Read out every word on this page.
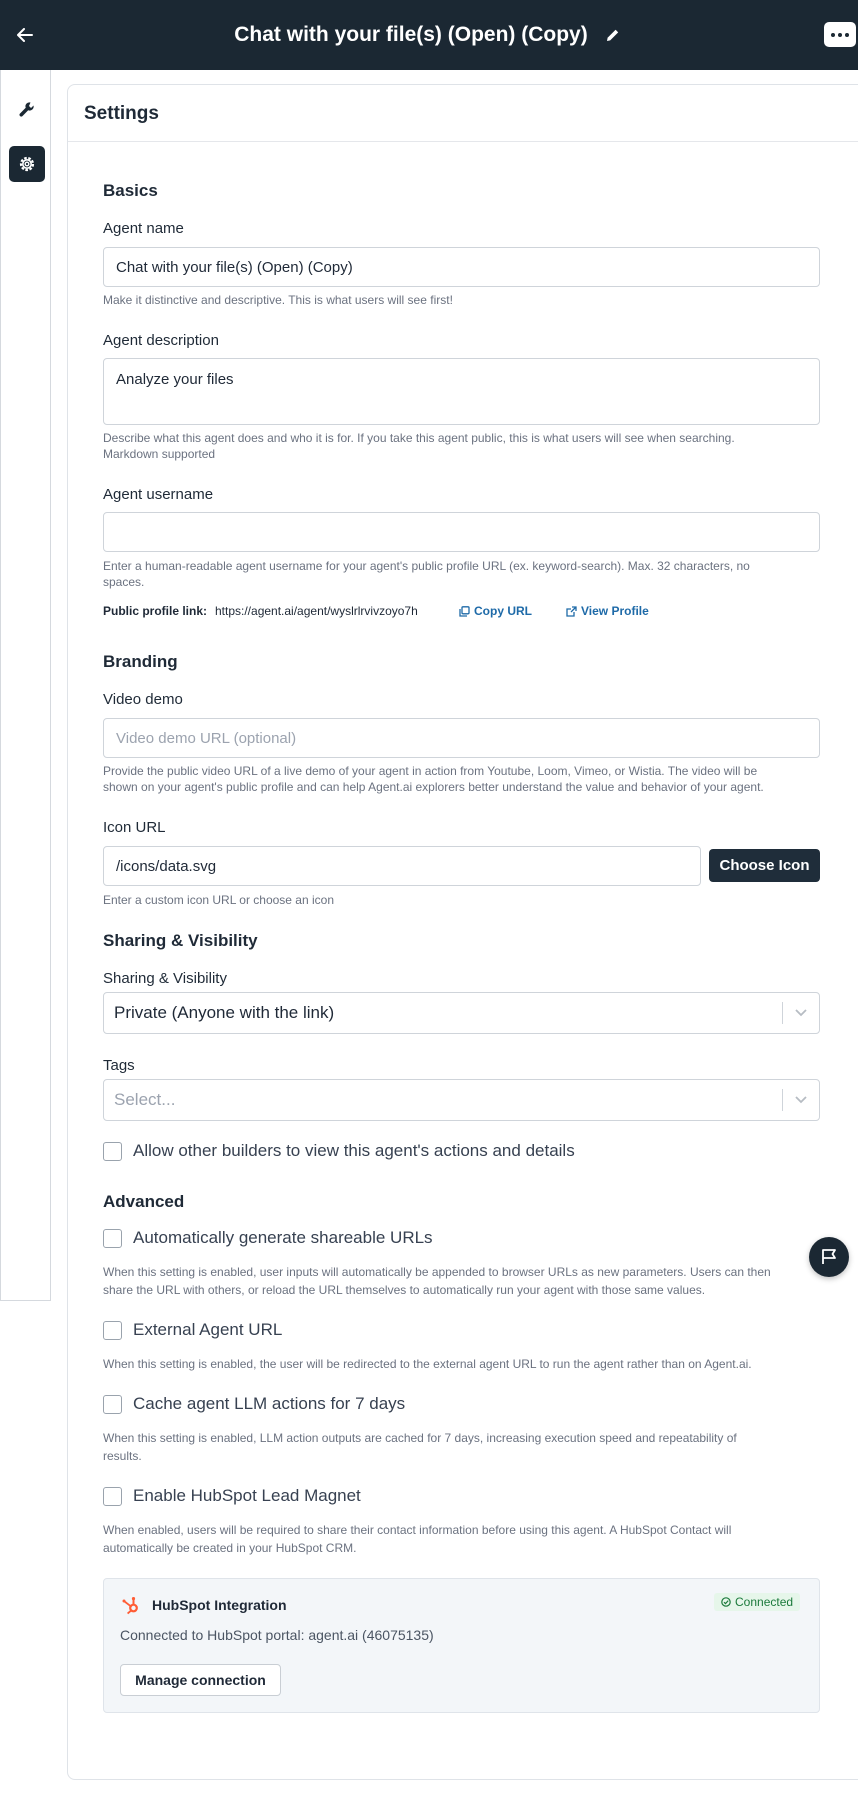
Chat with your file(s) (Open) (Copy)
Settings
Basics
Agent name
Chat with your file(s) (Open) (Copy)
Make it distinctive and descriptive. This is what users will see first!
Agent description
Analyze your files
Describe what this agent does and who it is for. If you take this agent public, this is what users will see when searching.
Markdown supported
Agent username
Enter a human-readable agent username for your agent's public profile URL (ex. keyword-search). Max. 32 characters, no
spaces.
Public profile link: https://agent.ai/agent/wyslrlrvivzoyo7h	Copy URL	View Profile
Branding
Video demo
Video demo URL (optional)
Provide the public video URL of a live demo of your agent in action from Youtube, Loom, Vimeo, or Wistia. The video will be
shown on your agent's public profile and can help Agent.ai explorers better understand the value and behavior of your agent.
Icon URL
/icons/data.svg	Choose Icon
Enter a custom icon URL or choose an icon
Sharing & Visibility
Sharing & Visibility
Private (Anyone with the link)
Tags
Select...
Allow other builders to view this agent's actions and details
Advanced
Automatically generate shareable URLs
When this setting is enabled, user inputs will automatically be appended to browser URLs as new parameters. Users can then
share the URL with others, or reload the URL themselves to automatically run your agent with those same values.
External Agent URL
When this setting is enabled, the user will be redirected to the external agent URL to run the agent rather than on Agent.ai.
Cache agent LLM actions for 7 days
When this setting is enabled, LLM action outputs are cached for 7 days, increasing execution speed and repeatability of
results.
Enable HubSpot Lead Magnet
When enabled, users will be required to share their contact information before using this agent. A HubSpot Contact will
automatically be created in your HubSpot CRM.
HubSpot Integration	Connected
Connected to HubSpot portal: agent.ai (46075135)
Manage connection
